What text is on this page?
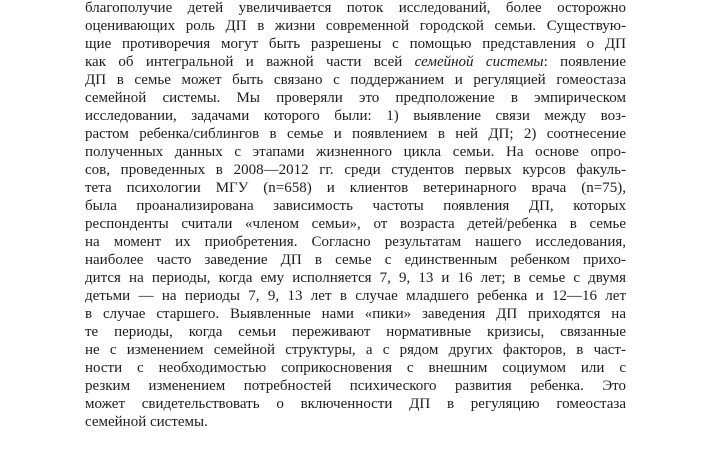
благополучие детей увеличивается поток исследований, более осторожно
оценивающих роль ДП в жизни современной городской семьи. Существую-
щие противоречия могут быть разрешены с помощью представления о ДП
как об интегральной и важной части всей семейной системы: появление
ДП в семье может быть связано с поддержанием и регуляцией гомеостаза
семейной системы. Мы проверяли это предположение в эмпирическом
исследовании, задачами которого были: 1) выявление связи между воз-
растом ребенка/сиблингов в семье и появлением в ней ДП; 2) соотнесение
полученных данных с этапами жизненного цикла семьи. На основе опро-
сов, проведенных в 2008—2012 гг. среди студентов первых курсов факуль-
тета психологии МГУ (n=658) и клиентов ветеринарного врача (n=75),
была проанализирована зависимость частоты появления ДП, которых
респонденты считали «членом семьи», от возраста детей/ребенка в семье
на момент их приобретения. Согласно результатам нашего исследования,
наиболее часто заведение ДП в семье с единственным ребенком прихо-
дится на периоды, когда ему исполняется 7, 9, 13 и 16 лет; в семье с двумя
детьми — на периоды 7, 9, 13 лет в случае младшего ребенка и 12—16 лет
в случае старшего. Выявленные нами «пики» заведения ДП приходятся на
те периоды, когда семьи переживают нормативные кризисы, связанные
не с изменением семейной структуры, а с рядом других факторов, в част-
ности с необходимостью соприкосновения с внешним социумом или с
резким изменением потребностей психического развития ребенка. Это
может свидетельствовать о включенности ДП в регуляцию гомеостаза
семейной системы.
